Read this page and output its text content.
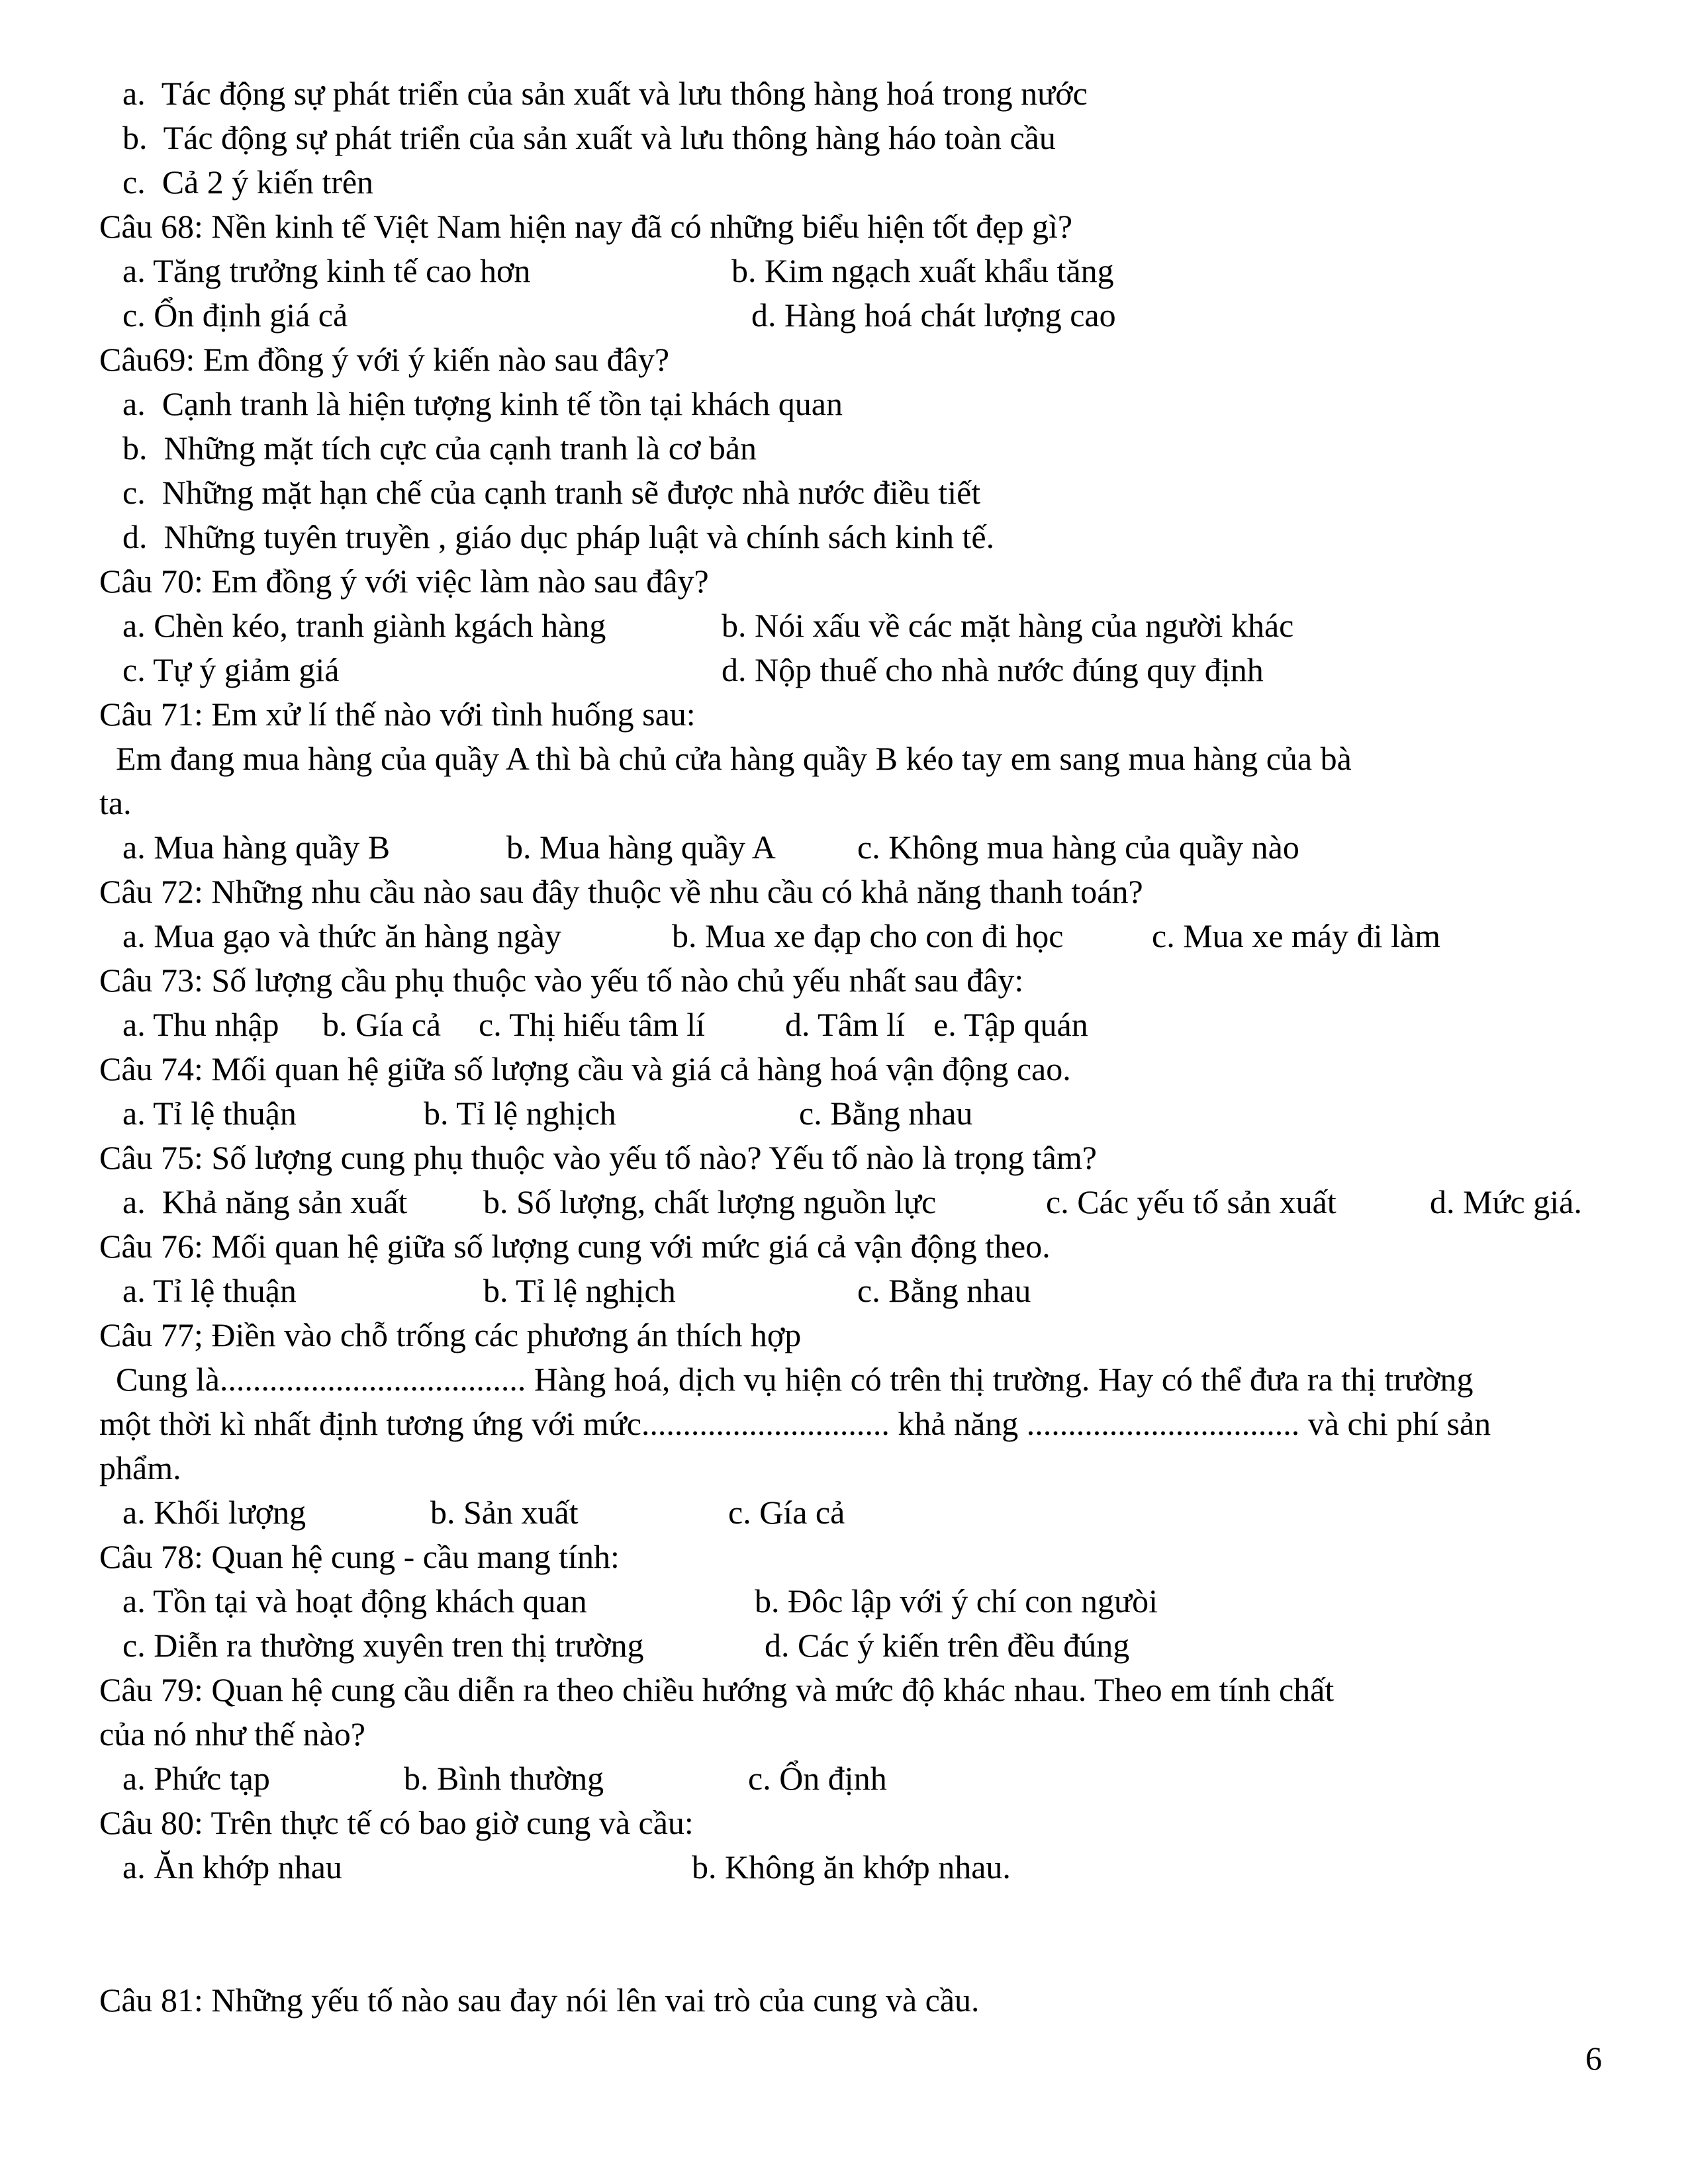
a.  Tác động sự phát triển của sản xuất và lưu thông hàng hoá trong nước
b.  Tác động sự phát triển của sản xuất và lưu thông hàng háo toàn cầu
c.  Cả 2 ý kiến trên
Câu 68: Nền kinh tế Việt Nam hiện nay đã có những biểu hiện tốt đẹp gì?
a. Tăng trưởng kinh tế cao hơn	b. Kim ngạch xuất khẩu tăng
c. Ổn định giá cả	d. Hàng hoá chát lượng cao
Câu69: Em đồng ý với ý kiến nào sau đây?
a.  Cạnh tranh là hiện tượng kinh tế tồn tại khách quan
b.  Những mặt tích cực của cạnh tranh là cơ bản
c.  Những mặt hạn chế của cạnh tranh sẽ được nhà nước điều tiết
d.  Những tuyên truyền , giáo dục pháp luật và chính sách kinh tế.
Câu 70: Em đồng ý với việc làm nào sau đây?
a. Chèn kéo, tranh giành kgách hàng	b. Nói xấu về các mặt hàng của người khác
c. Tự ý giảm giá	d. Nộp thuế cho nhà nước đúng quy định
Câu 71: Em xử lí thế nào với tình huống sau:
Em đang mua hàng của quầy A thì bà chủ cửa hàng quầy B kéo tay em sang mua hàng của bà
ta.
a. Mua hàng quầy B	b. Mua hàng quầy A c. Không mua hàng của quầy nào
Câu 72: Những nhu cầu nào sau đây thuộc về nhu cầu có khả năng thanh toán?
a. Mua gạo và thức ăn hàng ngày	b. Mua xe đạp cho con đi học	c. Mua xe máy đi làm
Câu 73: Số lượng cầu phụ thuộc vào yếu tố nào chủ yếu nhất sau đây:
a. Thu nhập b. Gía cả c. Thị hiếu tâm lí d. Tâm lí e. Tập quán
Câu 74: Mối quan hệ giữa số lượng cầu và giá cả hàng hoá vận động cao.
a. Tỉ lệ thuận	b. Tỉ lệ nghịch	c. Bằng nhau
Câu 75: Số lượng cung phụ thuộc vào yếu tố nào? Yếu tố nào là trọng tâm?
a.  Khả năng sản xuất b. Số lượng, chất lượng nguồn lực	c. Các yếu tố sản xuất	d. Mức giá.
Câu 76: Mối quan hệ giữa số lượng cung với mức giá cả vận động theo.
a. Tỉ lệ thuận	b. Tỉ lệ nghịch	c. Bằng nhau
Câu 77; Điền vào chỗ trống các phương án thích hợp
Cung là..................................... Hàng hoá, dịch vụ hiện có trên thị trường. Hay có thể đưa ra thị trường
một thời kì nhất định tương ứng với mức.............................. khả năng ................................. và chi phí sản
phẩm.
a. Khối lượng	b. Sản xuất	c. Gía cả
Câu 78: Quan hệ cung - cầu mang tính:
a. Tồn tại và hoạt động khách quan	b. Đôc lập với ý chí con ngưòi
c. Diễn ra thường xuyên tren thị trường	d. Các ý kiến trên đều đúng
Câu 79: Quan hệ cung cầu diễn ra theo chiều hướng và mức độ khác nhau. Theo em tính chất
của nó như thế nào?
a. Phức tạp	b. Bình thường	c. Ổn định
Câu 80: Trên thực tế có bao giờ cung và cầu:
a. Ăn khớp nhau	b. Không ăn khớp nhau.
Câu 81: Những yếu tố nào sau đay nói lên vai trò của cung và cầu.
6
